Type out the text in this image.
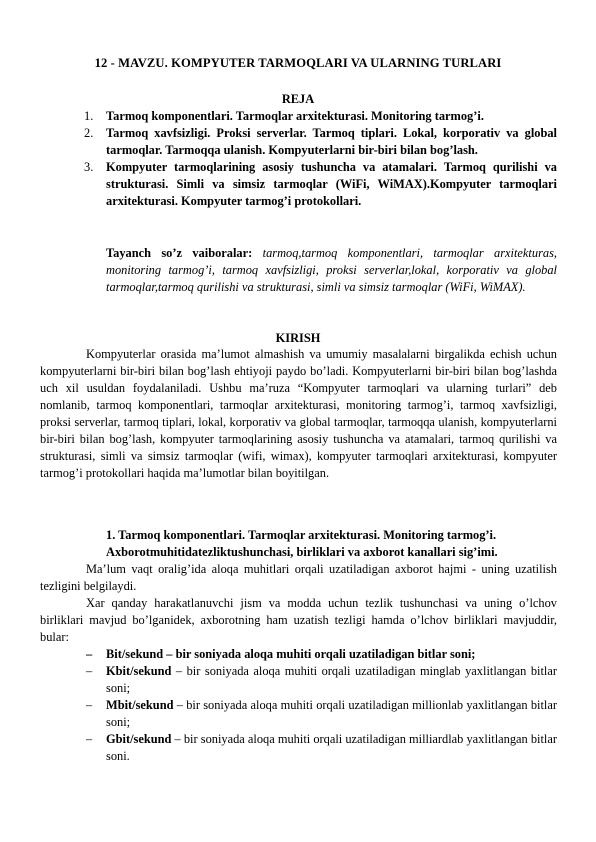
12 - MAVZU. KOMPYUTER TARMOQLARI VA ULARNING TURLARI
REJA
1. Tarmoq komponentlari. Tarmoqlar arxitekturasi. Monitoring tarmog’i.
2. Tarmoq xavfsizligi. Proksi serverlar. Tarmoq tiplari. Lokal, korporativ va global tarmoqlar. Tarmoqqa ulanish. Kompyuterlarni bir-biri bilan bog’lash.
3. Kompyuter tarmoqlarining asosiy tushuncha va atamalari. Tarmoq qurilishi va strukturasi. Simli va simsiz tarmoqlar (WiFi, WiMAX).Kompyuter tarmoqlari arxitekturasi. Kompyuter tarmog’i protokollari.
Tayanch so’z vaiboralar: tarmoq,tarmoq komponentlari, tarmoqlar arxitekturas, monitoring tarmog’i, tarmoq xavfsizligi, proksi serverlar,lokal, korporativ va global tarmoqlar,tarmoq qurilishi va strukturasi, simli va simsiz tarmoqlar (WiFi, WiMAX).
KIRISH

Kompyuterlar orasida ma’lumot almashish va umumiy masalalarni birgalikda echish uchun kompyuterlarni bir-biri bilan bog’lash ehtiyoji paydo bo’ladi. Kompyuterlarni bir-biri bilan bog’lashda uch xil usuldan foydalaniladi. Ushbu ma’ruza “Kompyuter tarmoqlari va ularning turlari” deb nomlanib, tarmoq komponentlari, tarmoqlar arxitekturasi, monitoring tarmog’i, tarmoq xavfsizligi, proksi serverlar, tarmoq tiplari, lokal, korporativ va global tarmoqlar, tarmoqqa ulanish, kompyuterlarni bir-biri bilan bog’lash, kompyuter tarmoqlarining asosiy tushuncha va atamalari, tarmoq qurilishi va strukturasi, simli va simsiz tarmoqlar (wifi, wimax), kompyuter tarmoqlari arxitekturasi, kompyuter tarmog’i protokollari haqida ma’lumotlar bilan boyitilgan.

1. Tarmoq komponentlari. Tarmoqlar arxitekturasi. Monitoring tarmog’i.
Axborotmuhitidatezliktushunchasi, birliklari va axborot kanallari sig’imi.

Ma’lum vaqt oralig’ida aloqa muhitlari orqali uzatiladigan axborot hajmi - uning uzatilish tezligini belgilaydi.

Xar qanday harakatlanuvchi jism va modda uchun tezlik tushunchasi va uning o’lchov birliklari mavjud bo’lganidek, axborotning ham uzatish tezligi hamda o’lchov birliklari mavjuddir, bular:

– Bit/sekund – bir soniyada aloqa muhiti orqali uzatiladigan bitlar soni;
– Kbit/sekund – bir soniyada aloqa muhiti orqali uzatiladigan minglab yaxlitlangan bitlar soni;
– Mbit/sekund – bir soniyada aloqa muhiti orqali uzatiladigan millionlab yaxlitlangan bitlar soni;
– Gbit/sekund – bir soniyada aloqa muhiti orqali uzatiladigan milliardlab yaxlitlangan bitlar soni.
